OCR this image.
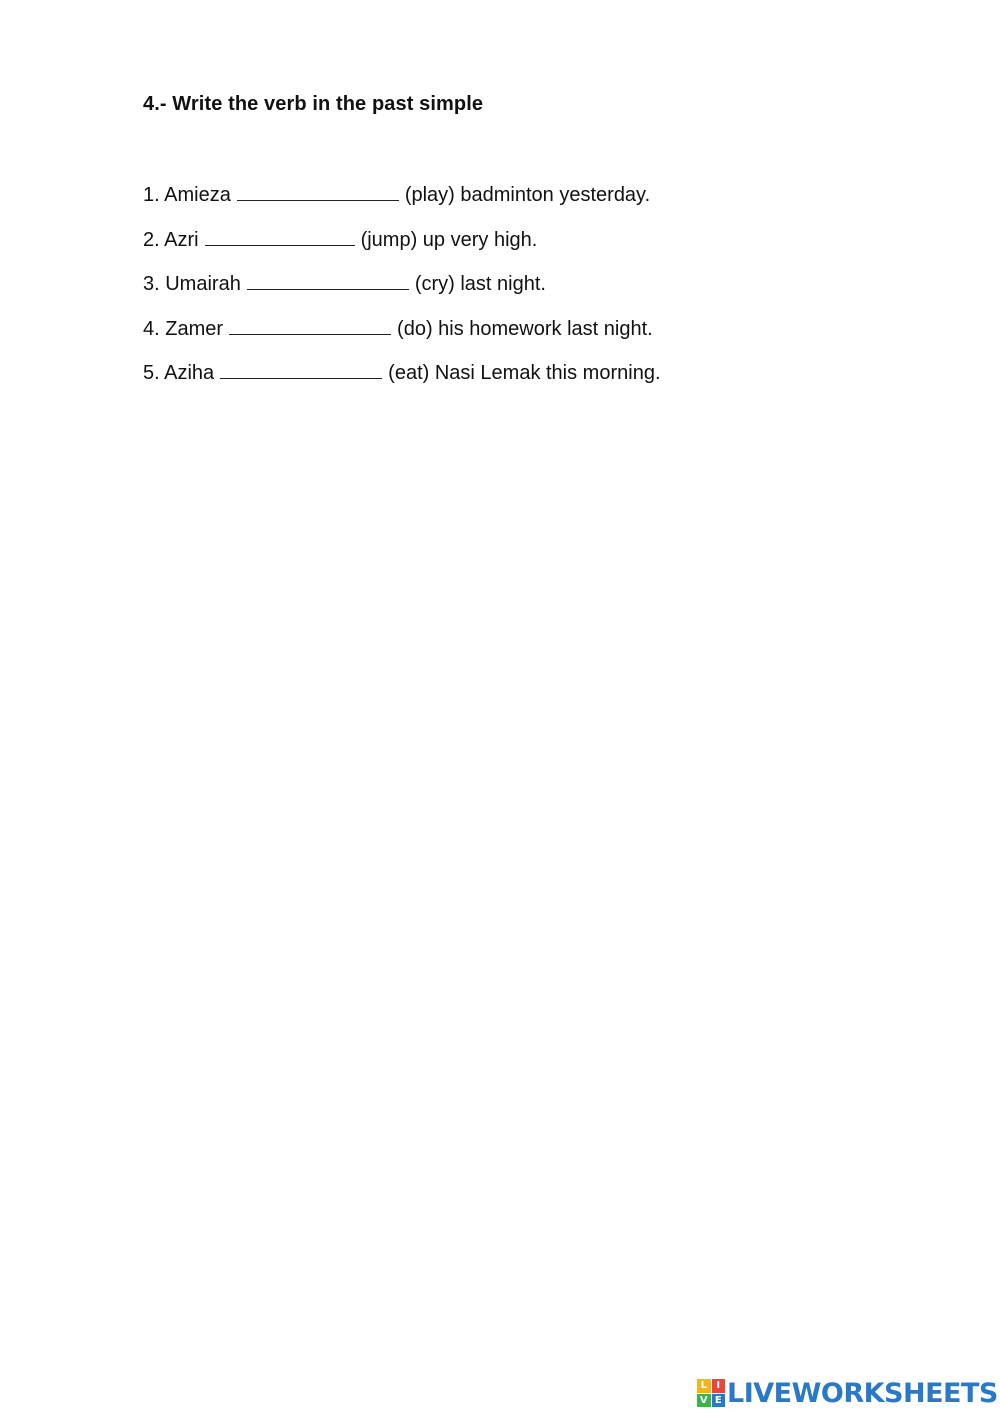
4.- Write the verb in the past simple
1. Amieza	(play) badminton yesterday.
2. Azri	(jump) up very high.
3. Umairah	(cry) last night.
4. Zamer	(do) his homework last night.
5. Aziha	(eat) Nasi Lemak this morning.
L I
V E LIVEWORKSHEETS
